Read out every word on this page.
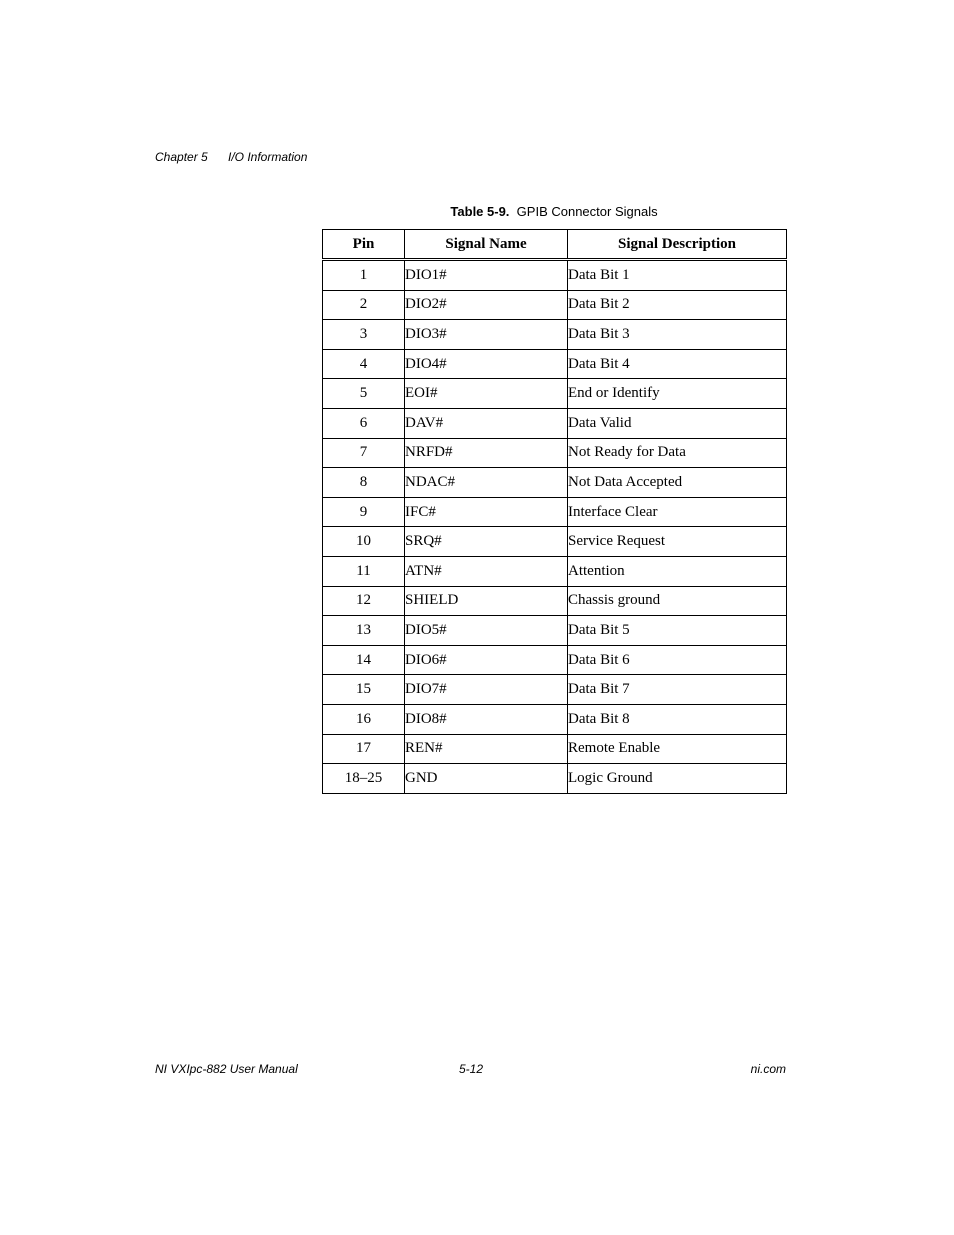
Chapter 5 I/O Information
Table 5-9. GPIB Connector Signals
Pin	Signal Name	Signal Description
1	DIO1#	Data Bit 1
2	DIO2#	Data Bit 2
3	DIO3#	Data Bit 3
4	DIO4#	Data Bit 4
5	EOI#	End or Identify
6	DAV#	Data Valid
7	NRFD#	Not Ready for Data
8	NDAC#	Not Data Accepted
9	IFC#	Interface Clear
10	SRQ#	Service Request
11	ATN#	Attention
12	SHIELD	Chassis ground
13	DIO5#	Data Bit 5
14	DIO6#	Data Bit 6
15	DIO7#	Data Bit 7
16	DIO8#	Data Bit 8
17	REN#	Remote Enable
18–25	GND	Logic Ground
NI VXIpc-882 User Manual	5-12	ni.com
